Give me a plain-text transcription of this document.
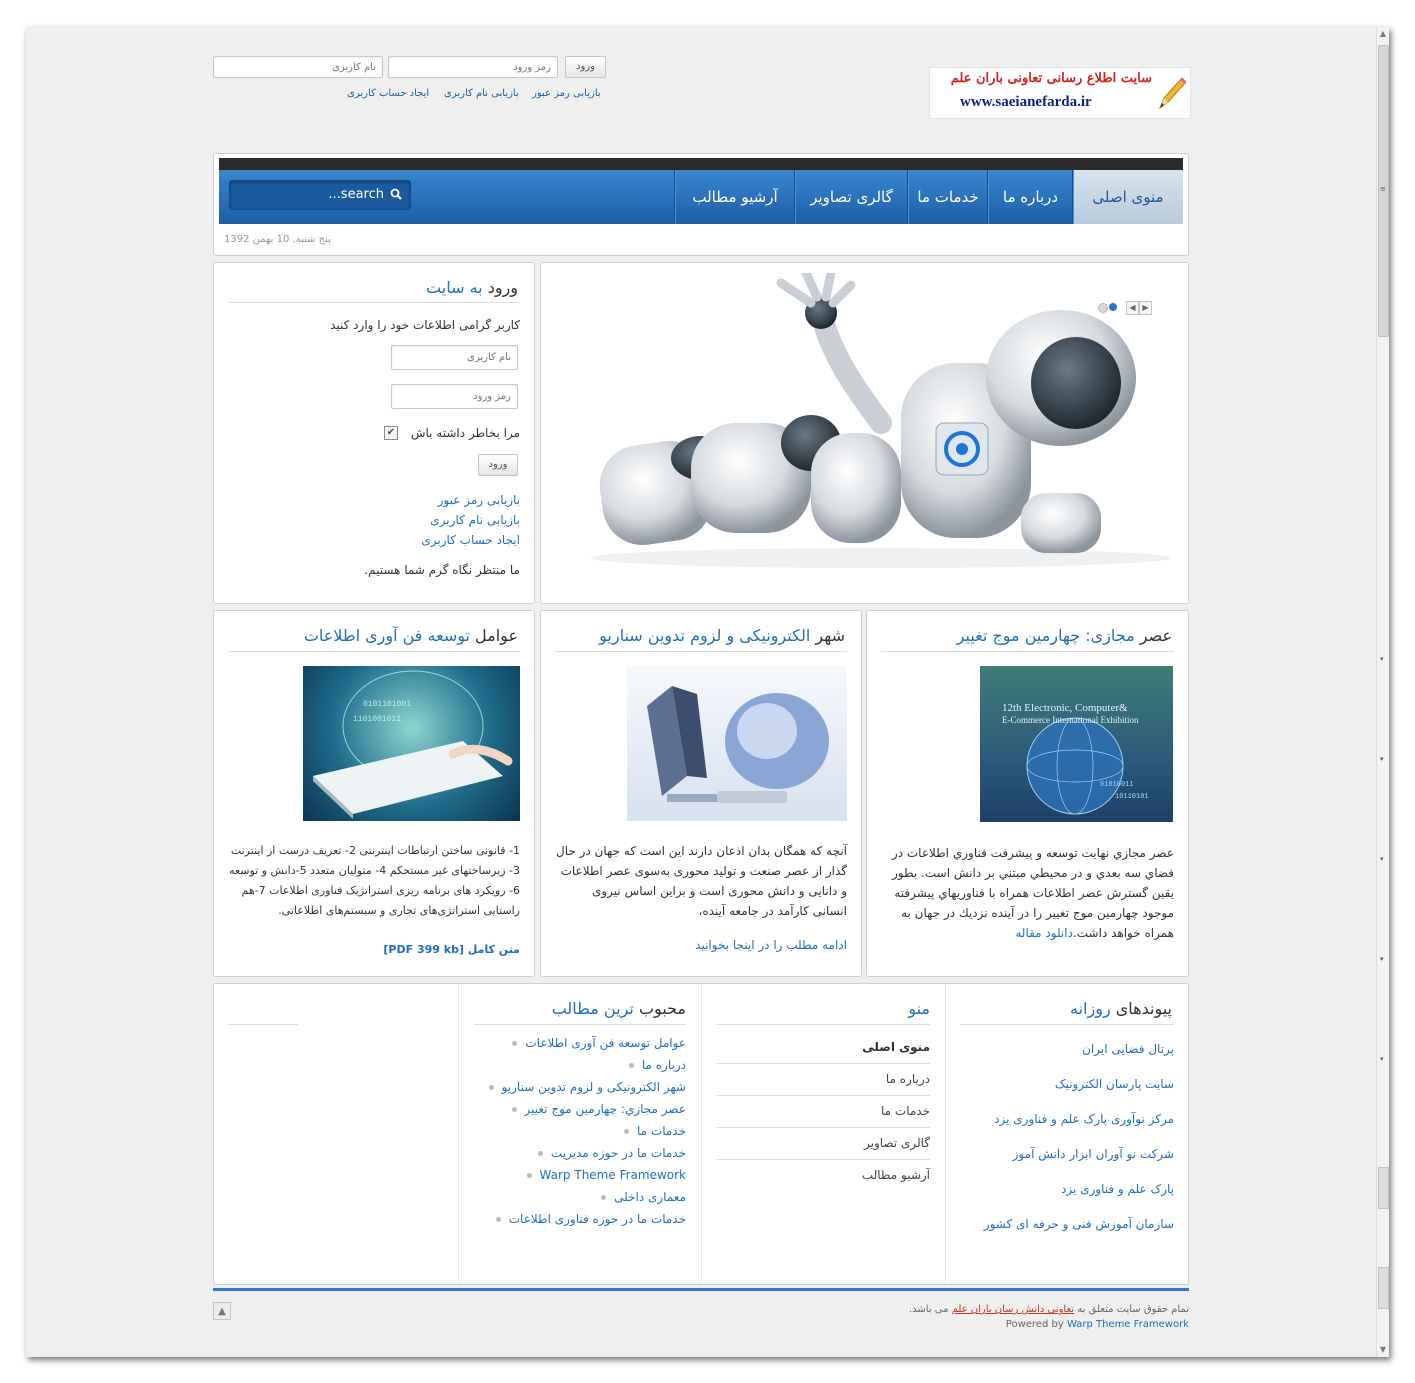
▲
≡
▾
▾
▾
▾
▾
▼
نام کاربری
رمز ورود
ورود
بازیابی رمز عبور
بازیابی نام کاربری
ایجاد حساب کاربری
سایت اطلاع رسانی تعاونی باران علم
www.saeianefarda.ir
منوی اصلی
درباره ما
خدمات ما
گالری تصاویر
آرشیو مطالب
...search
پنج شنبه, 10 بهمن 1392
◀ ▶
ورود به سایت
کاربر گرامی اطلاعات خود را وارد کنید
نام کاربری
رمز ورود
مرا بخاطر داشته باش
✔
ورود
بازیابی رمز عبور
بازیابی نام کاربری
ایجاد حساب کاربری
ما منتظر نگاه گرم شما هستیم.
عصر مجازی: چهارمین موج تغییر
12th Electronic, Computer&
E-Commerce International Exhibition
01010011
10110101
عصر مجازي نهايت توسعه و پيشرفت فناوري اطلاعات در فضاي سه بعدي و در محيطي مبتني بر دانش است. بطور يقين گسترش عصر اطلاعات همراه با فناوريهاي پيشرفته موجود چهارمين موج تغيير را در آينده نزديك در جهان به همراه خواهد داشت.دانلود مقاله
شهر الکترونیکی و لزوم تدوین سناریو
آنچه که همگان بدان اذعان دارند این است که جهان در حال گذار از عصر صنعت و تولید محوری به‌سوی عصر اطلاعات و دانایی و دانش محوری است و براین اساس نیروی انسانی کارآمد در جامعه آینده،
ادامه مطلب را در اینجا بخوانید
عوامل توسعه فن آوری اطلاعات
0101101001
1101001011
1- قانونی ساختن ارتباطات اینترنتی 2- تعریف درست از اینترنت 3- زیرساختهای غیر مستحکم 4- متولیان متعدد 5-دانش و توسعه 6- رویکرد های برنامه ریزی استراتژیک فناوری اطلاعات 7-هم راستایی استراتژی‌های تجاری و سیستم‌های اطلاعاتی.
متن کامل [PDF 399 kb]
پیوندهای روزانه
پرتال فضایی ایران
سایت پارسان الکترونیک
مرکز نوآوری پارک علم و فناوری یزد
شرکت نو آوران ابزار دانش آموز
پارک علم و فناوری یزد
سازمان آموزش فنی و حرفه ای کشور
منو
منوی اصلی
درباره ما
خدمات ما
گالری تصاویر
آرشیو مطالب
محبوب ترین مطالب
عوامل توسعه فن آوری اطلاعات
درباره ما
شهر الکترونیکی و لزوم تدوین سناریو
عصر مجازي: چهارمين موج تغيير
خدمات ما
خدمات ما در حوزه مدیریت
Warp Theme Framework
معماری داخلی
خدمات ما در حوزه فناوری اطلاعات
▲	تمام حقوق سایت متعلق به تعاونی دانش رسان باران علم می باشد.
Powered by Warp Theme Framework
